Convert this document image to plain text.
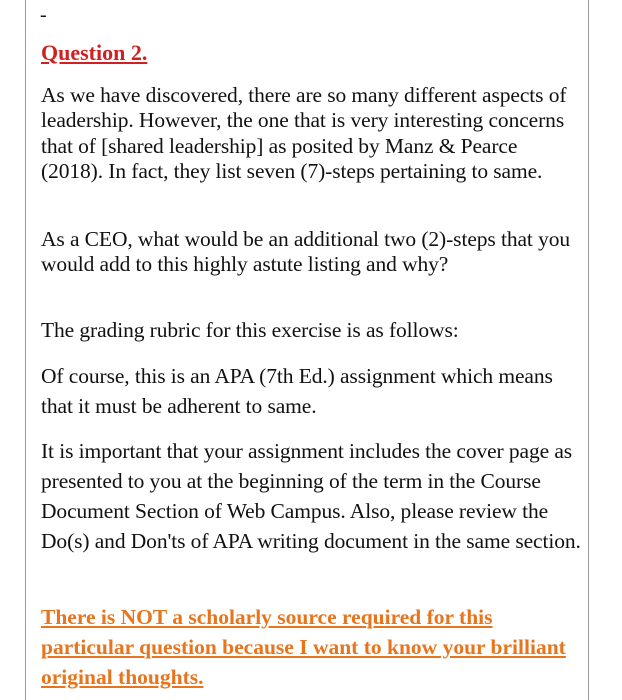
-
Question 2.

As we have discovered, there are so many different aspects of leadership. However, the one that is very interesting concerns that of [shared leadership] as posited by Manz & Pearce (2018). In fact, they list seven (7)-steps pertaining to same.

As a CEO, what would be an additional two (2)-steps that you would add to this highly astute listing and why?

The grading rubric for this exercise is as follows:

Of course, this is an APA (7th Ed.) assignment which means that it must be adherent to same.

It is important that your assignment includes the cover page as presented to you at the beginning of the term in the Course Document Section of Web Campus. Also, please review the Do(s) and Don'ts of APA writing document in the same section.

There is NOT a scholarly source required for this particular question because I want to know your brilliant original thoughts.
